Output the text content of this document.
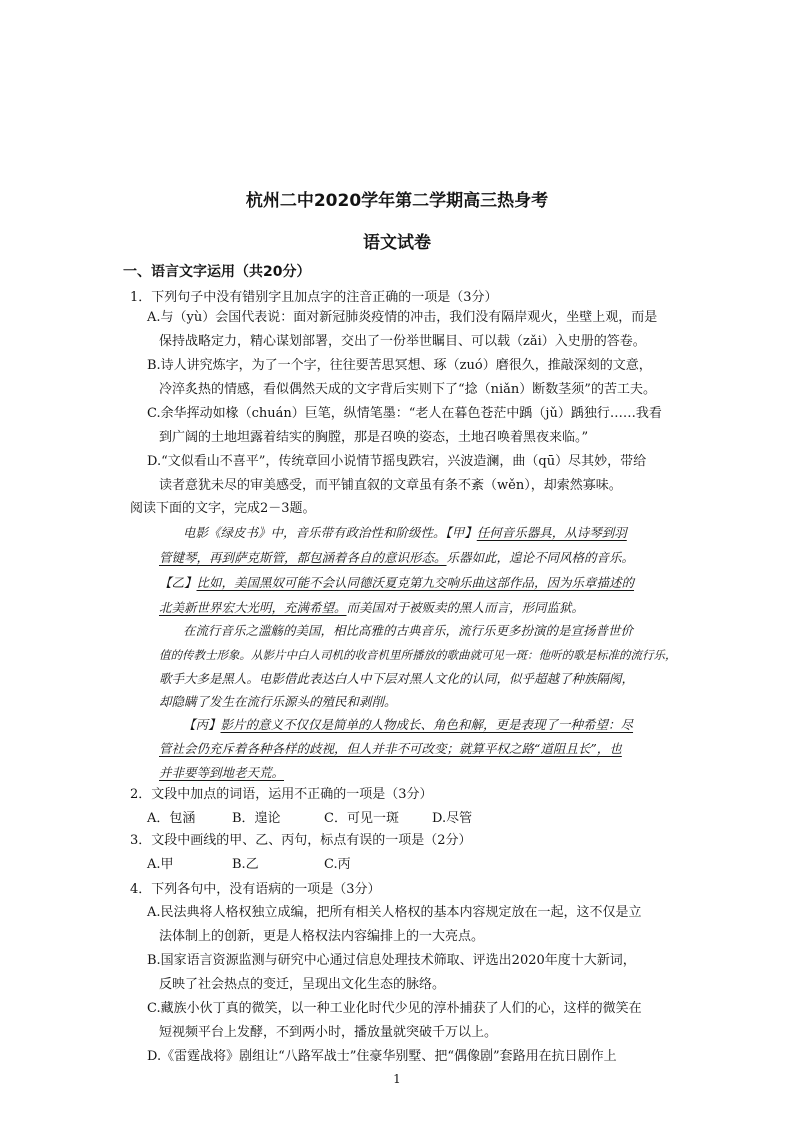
杭州二中2020学年第二学期高三热身考
语文试卷
一、语言文字运用（共20分）
1．下列句子中没有错别字且加点字的注音正确的一项是（3分）
A.与（yù）会国代表说：面对新冠肺炎疫情的冲击，我们没有隔岸观火，坐壁上观，而是
保持战略定力，精心谋划部署，交出了一份举世瞩目、可以载（zǎi）入史册的答卷。
B.诗人讲究炼字，为了一个字，往往要苦思冥想、琢（zuó）磨很久，推敲深刻的文意，
冷淬炙热的情感，看似偶然天成的文字背后实则下了“捻（niǎn）断数茎须”的苦工夫。
C.余华挥动如椽（chuán）巨笔，纵情笔墨：“老人在暮色苍茫中踽（jǔ）踽独行……我看
到广阔的土地坦露着结实的胸膛，那是召唤的姿态，土地召唤着黑夜来临。”
D.“文似看山不喜平”，传统章回小说情节摇曳跌宕，兴波造澜，曲（qū）尽其妙，带给
读者意犹未尽的审美感受，而平铺直叙的文章虽有条不紊（wěn），却索然寡味。
阅读下面的文字，完成2－3题。
电影《绿皮书》中，音乐带有政治性和阶级性。【甲】任何音乐器具，从诗琴到羽
管键琴，再到萨克斯管，都包涵着各自的意识形态。乐器如此，遑论不同风格的音乐。
【乙】比如，美国黑奴可能不会认同德沃夏克第九交响乐曲这部作品，因为乐章描述的
北美新世界宏大光明，充满希望。而美国对于被贩卖的黑人而言，形同监狱。
在流行音乐之滥觞的美国，相比高雅的古典音乐，流行乐更多扮演的是宣扬普世价
值的传教士形象。从影片中白人司机的收音机里所播放的歌曲就可见一斑：他听的歌是标准的流行乐，
歌手大多是黑人。电影借此表达白人中下层对黑人文化的认同，似乎超越了种族隔阂，
却隐瞒了发生在流行乐源头的殖民和剥削。
【丙】影片的意义不仅仅是简单的人物成长、角色和解，更是表现了一种希望：尽
管社会仍充斥着各种各样的歧视，但人并非不可改变；就算平权之路“道阻且长”，也
并非要等到地老天荒。
2．文段中加点的词语，运用不正确的一项是（3分）
A．包涵	B．遑论	C．可见一斑	D.尽管
3．文段中画线的甲、乙、丙句，标点有误的一项是（2分）
A.甲	B.乙	C.丙
4．下列各句中，没有语病的一项是（3分）
A.民法典将人格权独立成编，把所有相关人格权的基本内容规定放在一起，这不仅是立
法体制上的创新，更是人格权法内容编排上的一大亮点。
B.国家语言资源监测与研究中心通过信息处理技术筛取、评选出2020年度十大新词，
反映了社会热点的变迁，呈现出文化生态的脉络。
C.藏族小伙丁真的微笑，以一种工业化时代少见的淳朴捕获了人们的心，这样的微笑在
短视频平台上发酵，不到两小时，播放量就突破千万以上。
D.《雷霆战将》剧组让“八路军战士”住豪华别墅、把“偶像剧”套路用在抗日剧作上
1
